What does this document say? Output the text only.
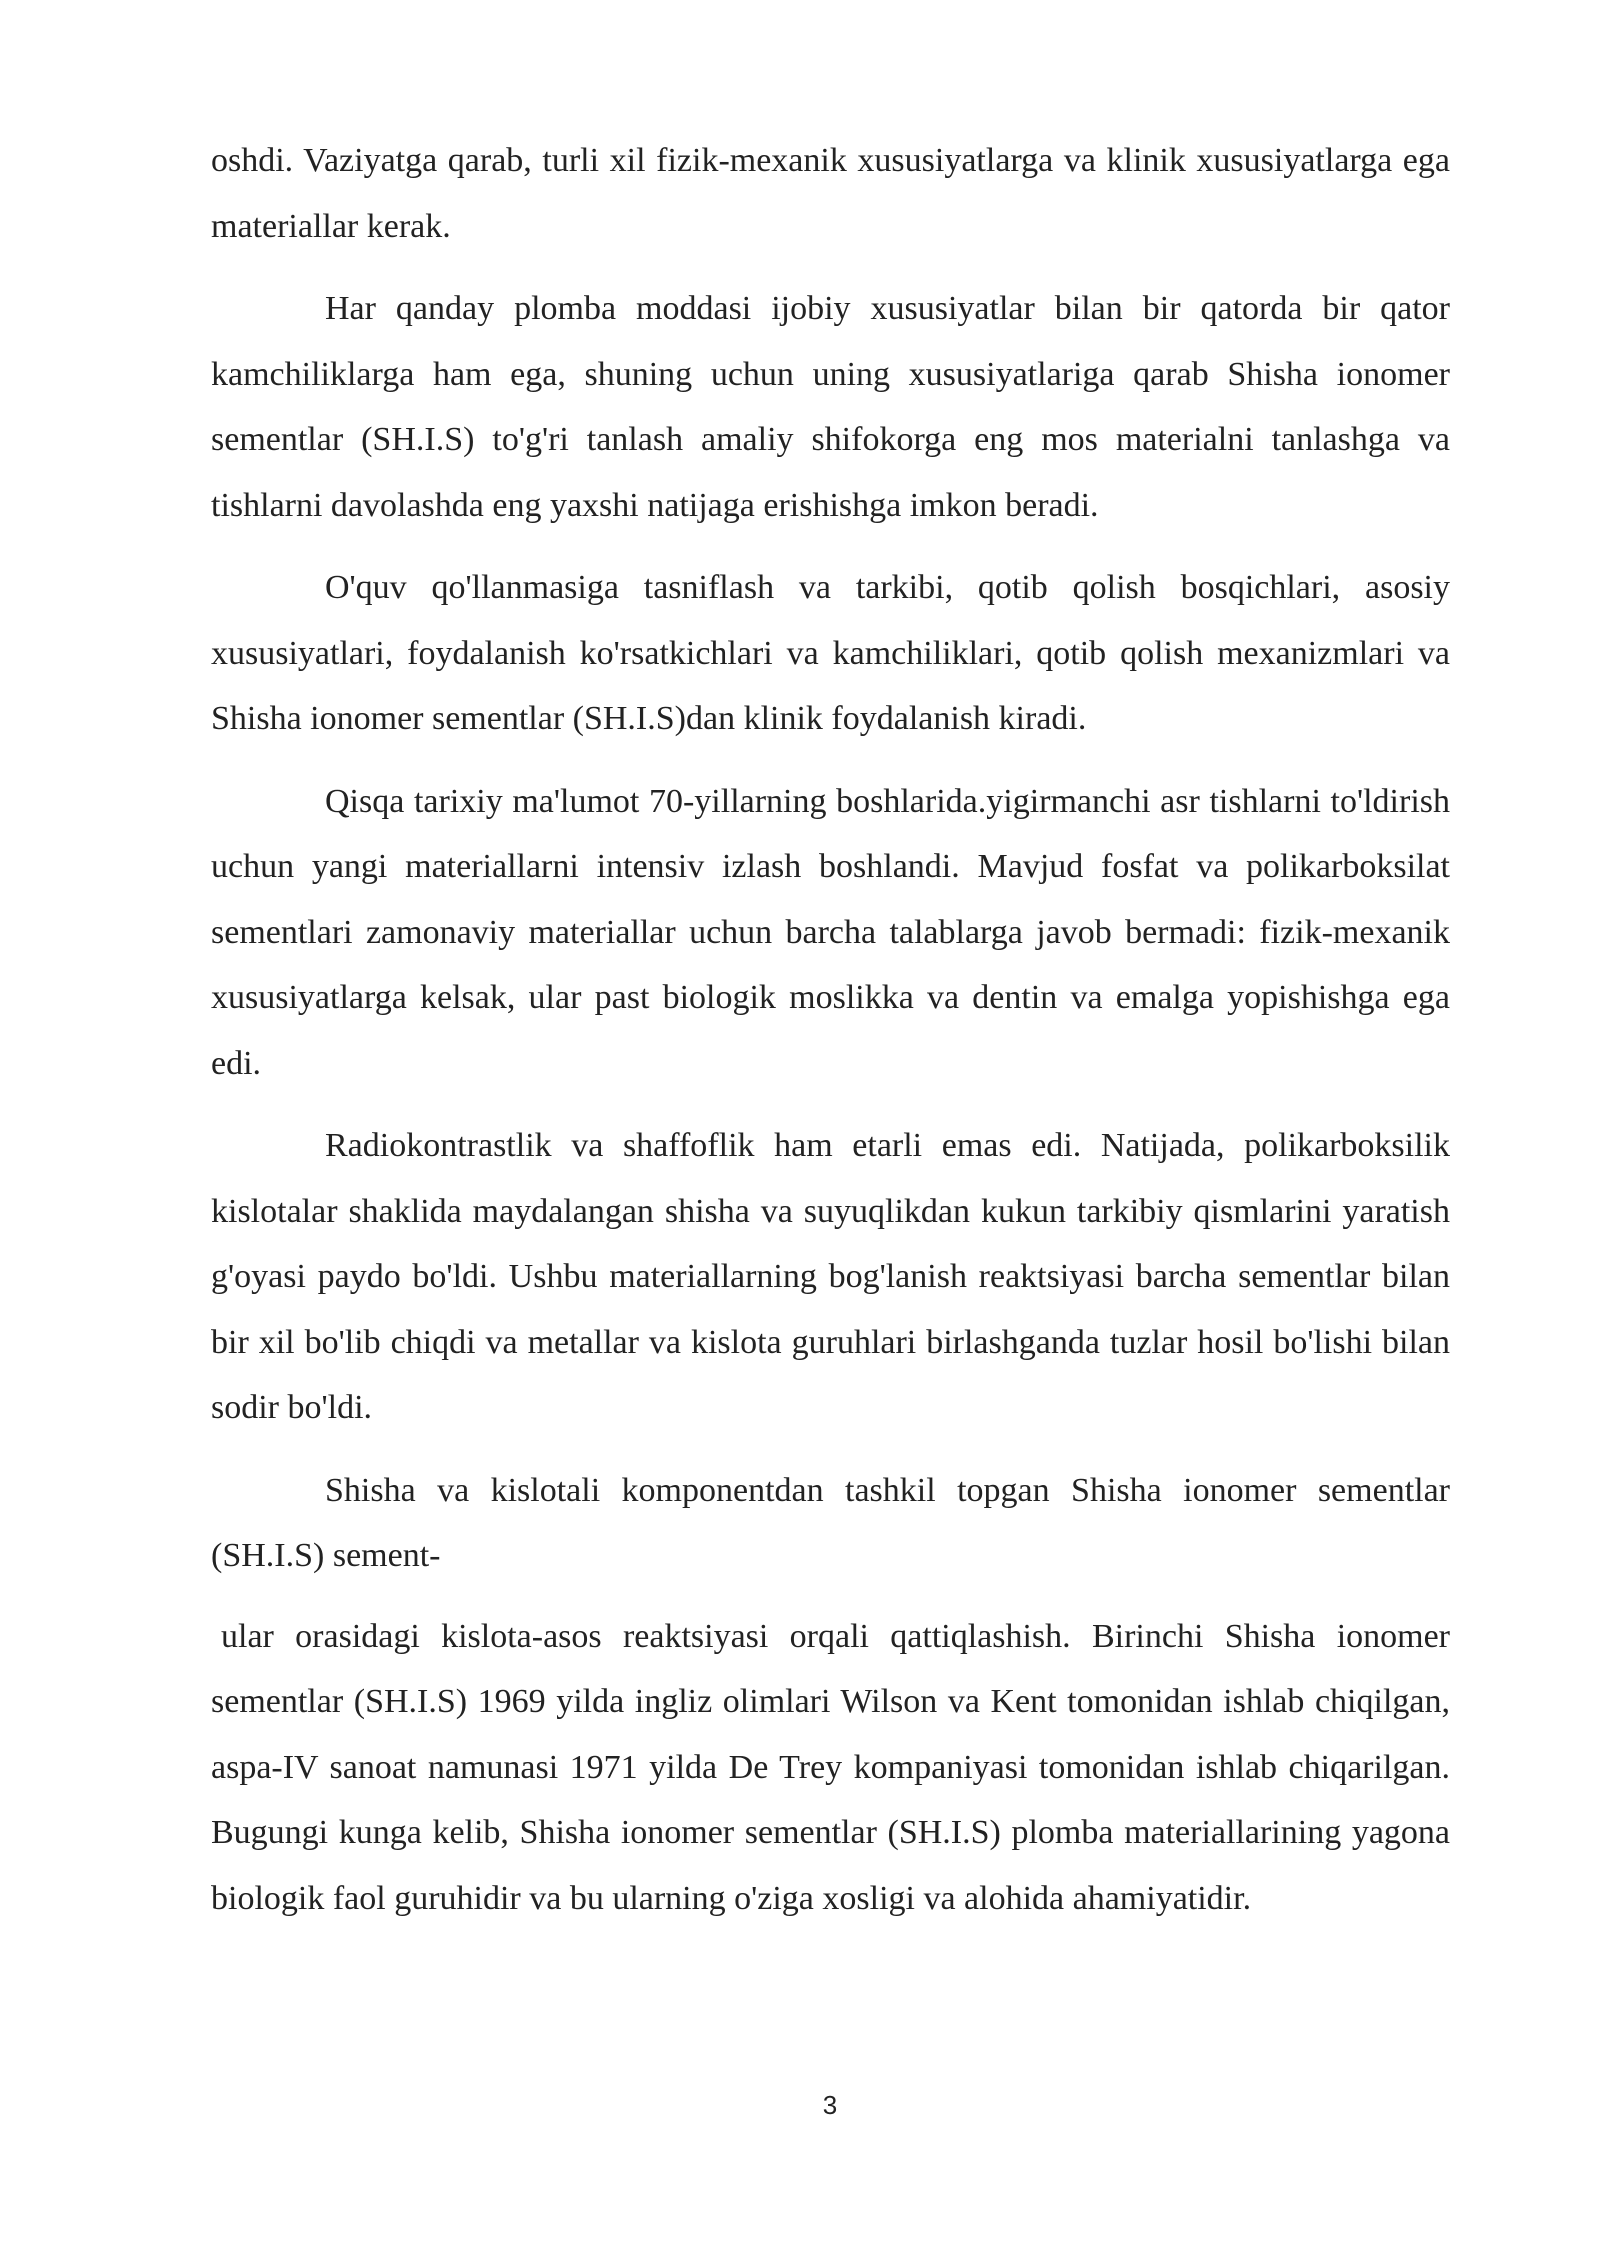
oshdi. Vaziyatga qarab, turli xil fizik-mexanik xususiyatlarga va klinik xususiyatlarga ega materiallar kerak.

Har qanday plomba moddasi ijobiy xususiyatlar bilan bir qatorda bir qator kamchiliklarga ham ega, shuning uchun uning xususiyatlariga qarab Shisha ionomer sementlar (SH.I.S) to'g'ri tanlash amaliy shifokorga eng mos materialni tanlashga va tishlarni davolashda eng yaxshi natijaga erishishga imkon beradi.

O'quv qo'llanmasiga tasniflash va tarkibi, qotib qolish bosqichlari, asosiy xususiyatlari, foydalanish ko'rsatkichlari va kamchiliklari, qotib qolish mexanizmlari va Shisha ionomer sementlar (SH.I.S)dan klinik foydalanish kiradi.

Qisqa tarixiy ma'lumot 70-yillarning boshlarida.yigirmanchi asr tishlarni to'ldirish uchun yangi materiallarni intensiv izlash boshlandi. Mavjud fosfat va polikarboksilat sementlari zamonaviy materiallar uchun barcha talablarga javob bermadi: fizik-mexanik xususiyatlarga kelsak, ular past biologik moslikka va dentin va emalga yopishishga ega edi.

Radiokontrastlik va shaffoflik ham etarli emas edi. Natijada, polikarboksilik kislotalar shaklida maydalangan shisha va suyuqlikdan kukun tarkibiy qismlarini yaratish g'oyasi paydo bo'ldi. Ushbu materiallarning bog'lanish reaktsiyasi barcha sementlar bilan bir xil bo'lib chiqdi va metallar va kislota guruhlari birlashganda tuzlar hosil bo'lishi bilan sodir bo'ldi.

Shisha va kislotali komponentdan tashkil topgan Shisha ionomer sementlar (SH.I.S) sement-

ular orasidagi kislota-asos reaktsiyasi orqali qattiqlashish. Birinchi Shisha ionomer sementlar (SH.I.S) 1969 yilda ingliz olimlari Wilson va Kent tomonidan ishlab chiqilgan, aspa-IV sanoat namunasi 1971 yilda De Trey kompaniyasi tomonidan ishlab chiqarilgan. Bugungi kunga kelib, Shisha ionomer sementlar (SH.I.S) plomba materiallarining yagona biologik faol guruhidir va bu ularning o'ziga xosligi va alohida ahamiyatidir.

3
